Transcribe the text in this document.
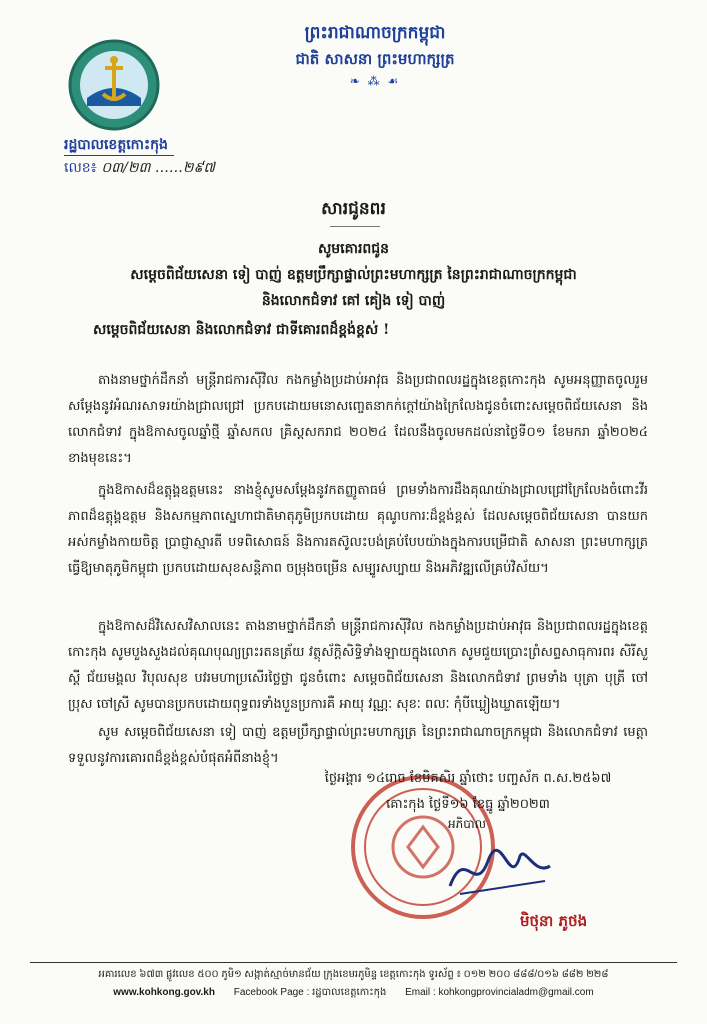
ព្រះរាជាណាចក្រកម្ពុជា
ជាតិ សាសនា ព្រះមហាក្សត្រ
❧ ⁂ ☙
រដ្ឋបាលខេត្តកោះកុង
លេខ៖ ០៣/២៣ ……២៩៧
សារជូនពរ
សូមគោរពជូន
សម្តេចពិជ័យសេនា ទៀ បាញ់ ឧត្តមប្រឹក្សាផ្ទាល់ព្រះមហាក្សត្រ នៃព្រះរាជាណាចក្រកម្ពុជា
និងលោកជំទាវ គៅ គៀង ទៀ បាញ់
សម្តេចពិជ័យសេនា និងលោកជំទាវ ជាទីគោរពដ៏ខ្ពង់ខ្ពស់ !
តាងនាមថ្នាក់ដឹកនាំ មន្ត្រីរាជការស៊ីវិល កងកម្លាំងប្រដាប់អាវុធ និងប្រជាពលរដ្ឋក្នុងខេត្តកោះកុង សូមអនុញ្ញាតចូលរួមសម្តែងនូវអំណរសាទរយ៉ាងជ្រាលជ្រៅ ប្រកបដោយមនោសញ្ចេតនាកក់ក្តៅយ៉ាងក្រៃលែងជូនចំពោះសម្តេចពិជ័យសេនា និងលោកជំទាវ ក្នុងឱកាសចូលឆ្នាំថ្មី ឆ្នាំសកល គ្រិស្តសករាជ ២០២៤ ដែលនឹងចូលមកដល់នាថ្ងៃទី០១ ខែមករា ឆ្នាំ២០២៤ ខាងមុខនេះ។
ក្នុងឱកាសដ៏ឧត្តុង្គឧត្តមនេះ នាងខ្ញុំសូមសម្តែងនូវកតញ្ញូតាធម៌ ព្រមទាំងការដឹងគុណយ៉ាងជ្រាលជ្រៅក្រៃលែងចំពោះវីរភាពដ៏ឧត្តុង្គឧត្តម និងសកម្មភាពស្នេហាជាតិមាតុភូមិប្រកបដោយ គុណូបការៈដ៏ខ្ពង់ខ្ពស់ ដែលសម្តេចពិជ័យសេនា បានយកអស់កម្លាំងកាយចិត្ត ប្រាជ្ញាស្មារតី បទពិសោធន៍ និងការតស៊ូលះបង់គ្រប់បែបយ៉ាងក្នុងការបម្រើជាតិ សាសនា ព្រះមហាក្សត្រ ធ្វើឱ្យមាតុភូមិកម្ពុជា ប្រកបដោយសុខសន្តិភាព ចម្រុងចម្រើន សម្បូរសប្បាយ និងអភិវឌ្ឍលើគ្រប់វិស័យ។
ក្នុងឱកាសដ៏វិសេសវិសាលនេះ តាងនាមថ្នាក់ដឹកនាំ មន្ត្រីរាជការស៊ីវិល កងកម្លាំងប្រដាប់អាវុធ និងប្រជាពលរដ្ឋក្នុងខេត្តកោះកុង សូមបួងសួងដល់គុណបុណ្យព្រះរតនត្រ័យ វត្ថុស័ក្តិសិទ្ធិទាំងឡាយក្នុងលោក សូមជួយប្រោះព្រំសព្ទសាធុការពរ សិរីសួស្តី ជ័យមង្គល វិបុលសុខ បវរមហាប្រសើរថ្លៃថ្លា ជូនចំពោះ សម្តេចពិជ័យសេនា និងលោកជំទាវ ព្រមទាំង បុត្រា បុត្រី ចៅប្រុស ចៅស្រី សូមបានប្រកបដោយពុទ្ធពរទាំងបួនប្រការគឺ អាយុ វណ្ណៈ សុខៈ ពលៈ កុំបីឃ្លៀងឃ្លាតឡើយ។
សូម សម្តេចពិជ័យសេនា ទៀ បាញ់ ឧត្តមប្រឹក្សាផ្ទាល់ព្រះមហាក្សត្រ នៃព្រះរាជាណាចក្រកម្ពុជា និងលោកជំទាវ មេត្តាទទួលនូវការគោរពដ៏ខ្ពង់ខ្ពស់បំផុតអំពីនាងខ្ញុំ។
ថ្ងៃអង្គារ ១៤រោច ខែមិគសិរ ឆ្នាំថោះ បញ្ចស័ក ព.ស.២៥៦៧
គោះកុង ថ្ងៃទី១៦ ខែធ្នូ ឆ្នាំ២០២៣
អភិបាល
មិថុនា ភូថង
អគារលេខ ៦៧៣ ផ្លូវលេខ ៥០០ ភូមិ១ សង្កាត់ស្មាច់មានជ័យ ក្រុងខេមរភូមិន្ទ ខេត្តកោះកុង ទូរស័ព្ទ ៖ ០១២ ២០០ ៨៨៨/០១៦ ៨៨២ ២២៨
www.kohkong.gov.kh Facebook Page : រដ្ឋបាលខេត្តកោះកុង Email : kohkongprovincialadm@gmail.com
